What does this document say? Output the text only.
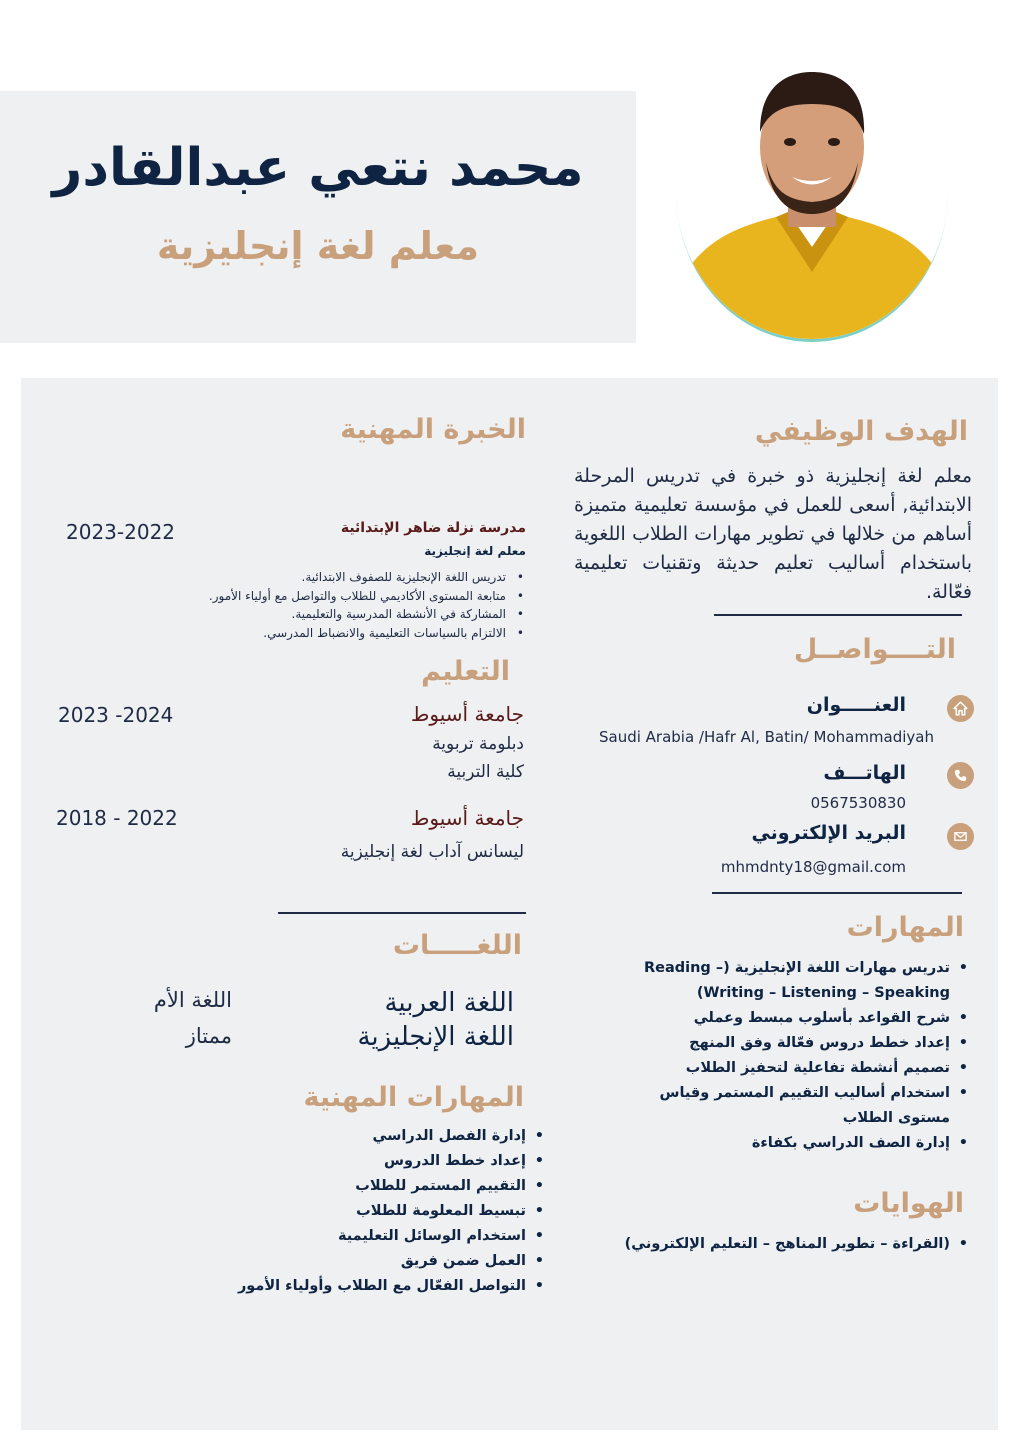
محمد نتعي عبدالقادر
معلم لغة إنجليزية
الهدف الوظيفي
معلم لغة إنجليزية ذو خبرة في تدريس المرحلة الابتدائية, أسعى للعمل في مؤسسة تعليمية متميزة أساهم من خلالها في تطوير مهارات الطلاب اللغوية باستخدام أساليب تعليم حديثة وتقنيات تعليمية فعّالة.
التــــواصــل
العنـــــوان
Saudi Arabia /Hafr Al, Batin/ Mohammadiyah
الهاتـــف
0567530830
البريد الإلكتروني
mhmdnty18@gmail.com
المهارات
• تدريس مهارات اللغة الإنجليزية (Reading – Writing – Listening – Speaking)
• شرح القواعد بأسلوب مبسط وعملي
• إعداد خطط دروس فعّالة وفق المنهج
• تصميم أنشطة تفاعلية لتحفيز الطلاب
• استخدام أساليب التقييم المستمر وقياس مستوى الطلاب
• إدارة الصف الدراسي بكفاءة
الهوايات
• (القراءة – تطوير المناهج – التعليم الإلكتروني)
الخبرة المهنية
مدرسة نزلة ضاهر الإبتدائية
معلم لغة إنجليزية
2023-2022
• تدريس اللغة الإنجليزية للصفوف الابتدائية.
• متابعة المستوى الأكاديمي للطلاب والتواصل مع أولياء الأمور.
• المشاركة في الأنشطة المدرسية والتعليمية.
• الالتزام بالسياسات التعليمية والانضباط المدرسي.
التعليم
جامعة أسيوط
دبلومة تربوية
كلية التربية
2023 -2024
جامعة أسيوط
ليسانس آداب لغة إنجليزية
2018 - 2022
اللغـــــات
اللغة العربية
اللغة الأم
اللغة الإنجليزية
ممتاز
المهارات المهنية
• إدارة الفصل الدراسي
• إعداد خطط الدروس
• التقييم المستمر للطلاب
• تبسيط المعلومة للطلاب
• استخدام الوسائل التعليمية
• العمل ضمن فريق
• التواصل الفعّال مع الطلاب وأولياء الأمور
